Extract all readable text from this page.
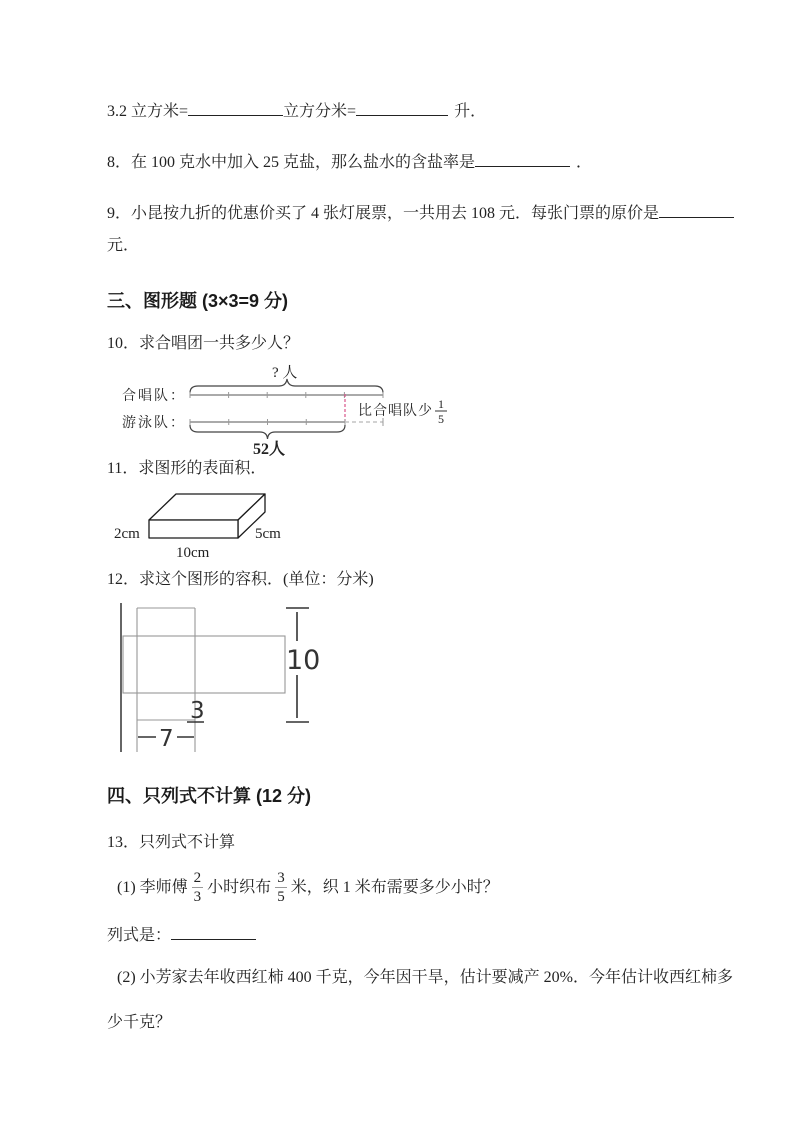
3.2 立方米=	立方分米=	升．
8．在 100 克水中加入 25 克盐，那么盐水的含盐率是	．
9．小昆按九折的优惠价买了 4 张灯展票，一共用去 108 元．每张门票的原价是
元．
三、图形题 (3×3=9 分)
10．求合唱团一共多少人？
? 人
合唱队：
游泳队：
52人
比合唱队少 1
5
11．求图形的表面积．
2cm
10cm
5cm
12．求这个图形的容积．(单位：分米)
10
3
7
四、只列式不计算 (12 分)
13．只列式不计算
(1) 李师傅 $\frac{2}{3}$ 小时织布 $\frac{3}{5}$ 米，织 1 米布需要多少小时？
列式是：
(2) 小芳家去年收西红柿 400 千克，今年因干旱，估计要减产 20%．今年估计收西红柿多
少千克？
